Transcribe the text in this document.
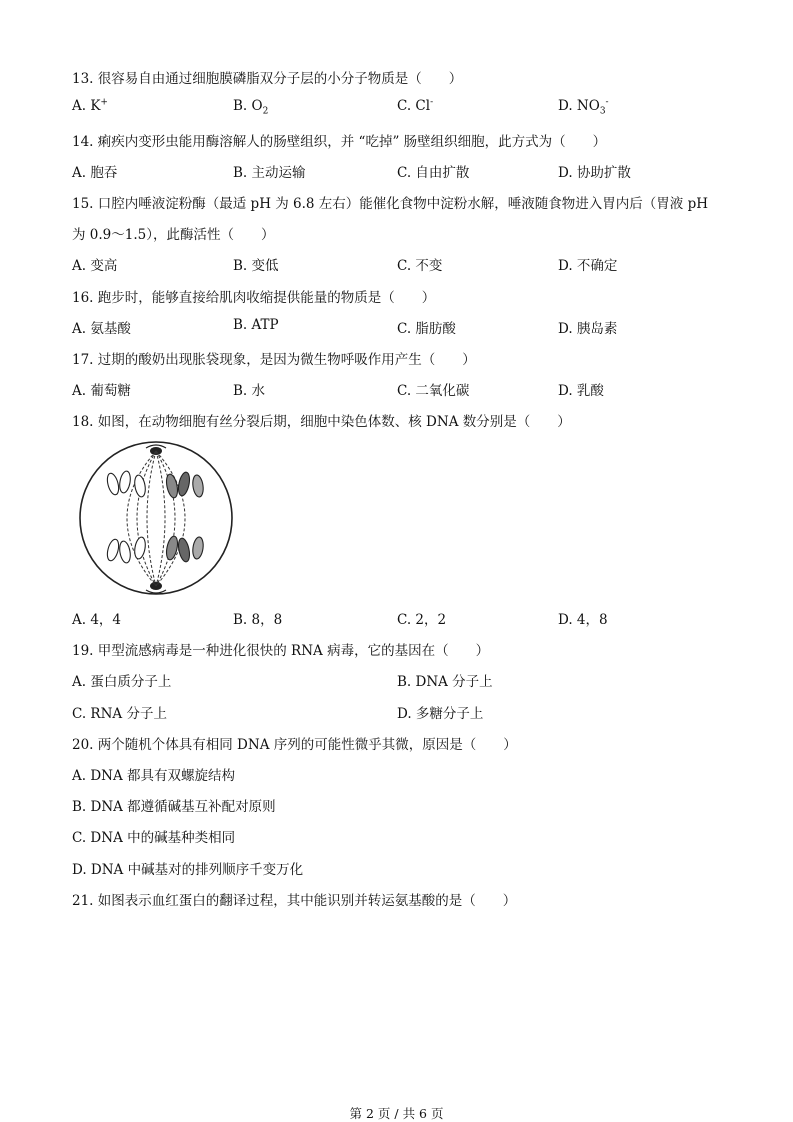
13. 很容易自由通过细胞膜磷脂双分子层的小分子物质是（　　）
A. K+	B. $O_2$	C. Cl-	D. $NO_3^-$
14. 痢疾内变形虫能用酶溶解人的肠壁组织，并 “吃掉” 肠壁组织细胞，此方式为（　　）
A. 胞吞	B. 主动运输	C. 自由扩散	D. 协助扩散
15. 口腔内唾液淀粉酶（最适 pH 为 6.8 左右）能催化食物中淀粉水解，唾液随食物进入胃内后（胃液 pH
为 0.9～1.5），此酶活性（　　）
A. 变高	B. 变低	C. 不变	D. 不确定
16. 跑步时，能够直接给肌肉收缩提供能量的物质是（　　）
A. 氨基酸	B. ATP	C. 脂肪酸	D. 胰岛素
17. 过期的酸奶出现胀袋现象，是因为微生物呼吸作用产生（　　）
A. 葡萄糖	B. 水	C. 二氧化碳	D. 乳酸
18. 如图，在动物细胞有丝分裂后期，细胞中染色体数、核 DNA 数分别是（　　）
A. 4，4	B. 8，8	C. 2，2	D. 4，8
19. 甲型流感病毒是一种进化很快的 RNA 病毒，它的基因在（　　）
A. 蛋白质分子上	B. DNA 分子上
C. RNA 分子上	D. 多糖分子上
20. 两个随机个体具有相同 DNA 序列的可能性微乎其微，原因是（　　）
A. DNA 都具有双螺旋结构
B. DNA 都遵循碱基互补配对原则
C. DNA 中的碱基种类相同
D. DNA 中碱基对的排列顺序千变万化
21. 如图表示血红蛋白的翻译过程，其中能识别并转运氨基酸的是（　　）
第 2 页 / 共 6 页
